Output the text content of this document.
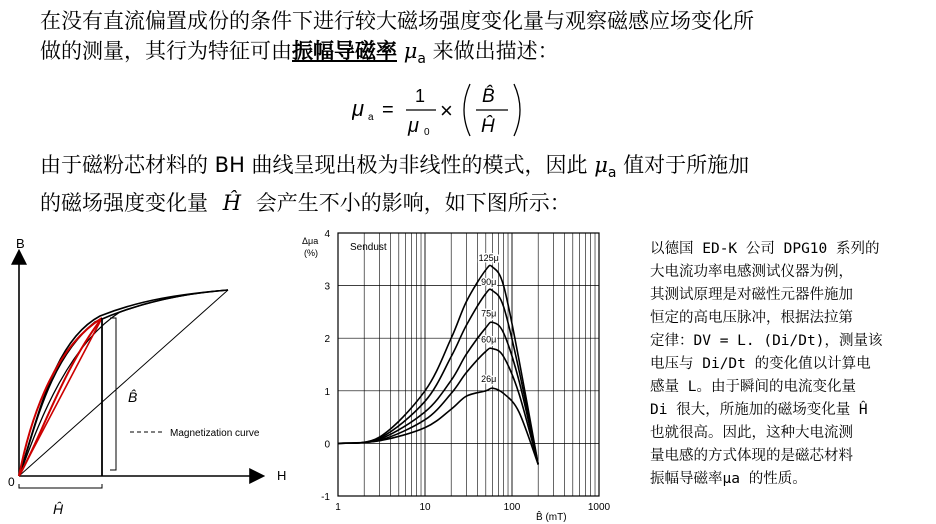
在没有直流偏置成份的条件下进行较大磁场强度变化量与观察磁感应场变化所
做的测量，其行为特征可由振幅导磁率 $\mu_a$ 来做出描述：
μ a =
1
μ 0
×
B̂
Ĥ
由于磁粉芯材料的 BH 曲线呈现出极为非线性的模式，因此 $\mu_a$ 值对于所施加
的磁场强度变化量 Ĥ 会产生不小的影响，如下图所示：
B
H
0
B̂
Ĥ
Magnetization curve
125μ
90μ
75μ
60μ
26μ
-1
0
1
2
3
4
1	10	100	1000
Sendust
Δμa
(%)
B̂ (mT)
以德国 ED-K 公司 DPG10 系列的
大电流功率电感测试仪器为例，
其测试原理是对磁性元器件施加
恒定的高电压脉冲，根据法拉第
定律：DV = L. (Di/Dt)，测量该
电压与 Di/Dt 的变化值以计算电
感量 L。由于瞬间的电流变化量
Di 很大，所施加的磁场变化量 Ĥ
也就很高。因此，这种大电流测
量电感的方式体现的是磁芯材料
振幅导磁率μa 的性质。
